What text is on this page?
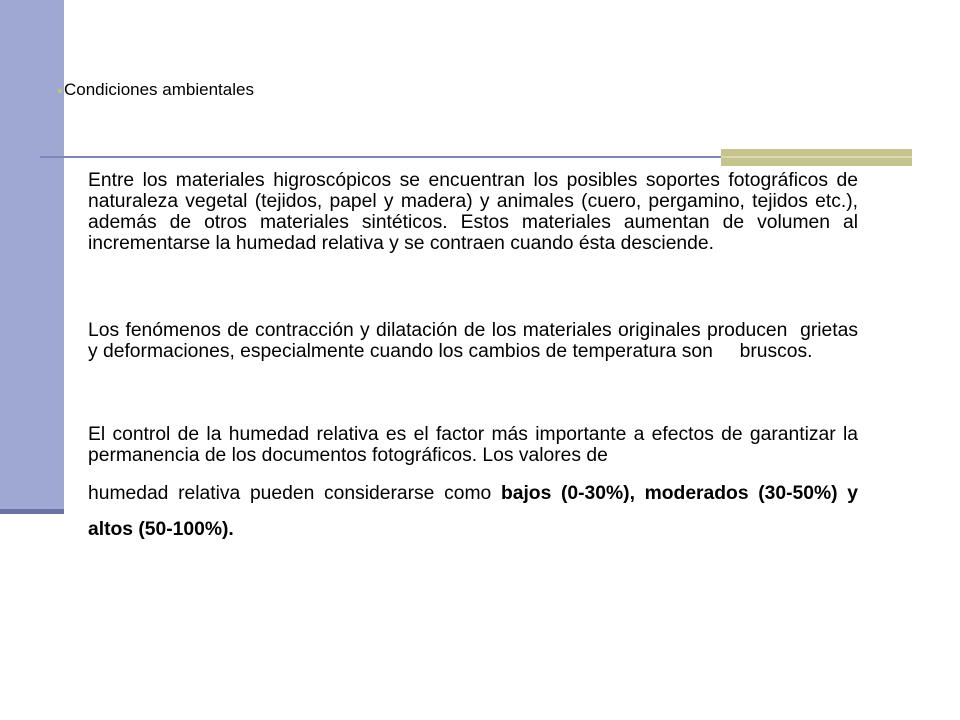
Condiciones ambientales
Entre los materiales higroscópicos se encuentran los posibles soportes fotográficos de naturaleza vegetal (tejidos, papel y madera) y animales (cuero, pergamino, tejidos etc.), además de otros materiales sintéticos. Estos materiales aumentan de volumen al incrementarse la humedad relativa y se contraen cuando ésta desciende.
Los fenómenos de contracción y dilatación de los materiales originales producen  grietas y deformaciones, especialmente cuando los cambios de temperatura son     bruscos.
El control de la humedad relativa es el factor más importante a efectos de garantizar la permanencia de los documentos fotográficos. Los valores de
humedad relativa pueden considerarse como bajos (0-30%), moderados (30-50%) y altos (50-100%).
